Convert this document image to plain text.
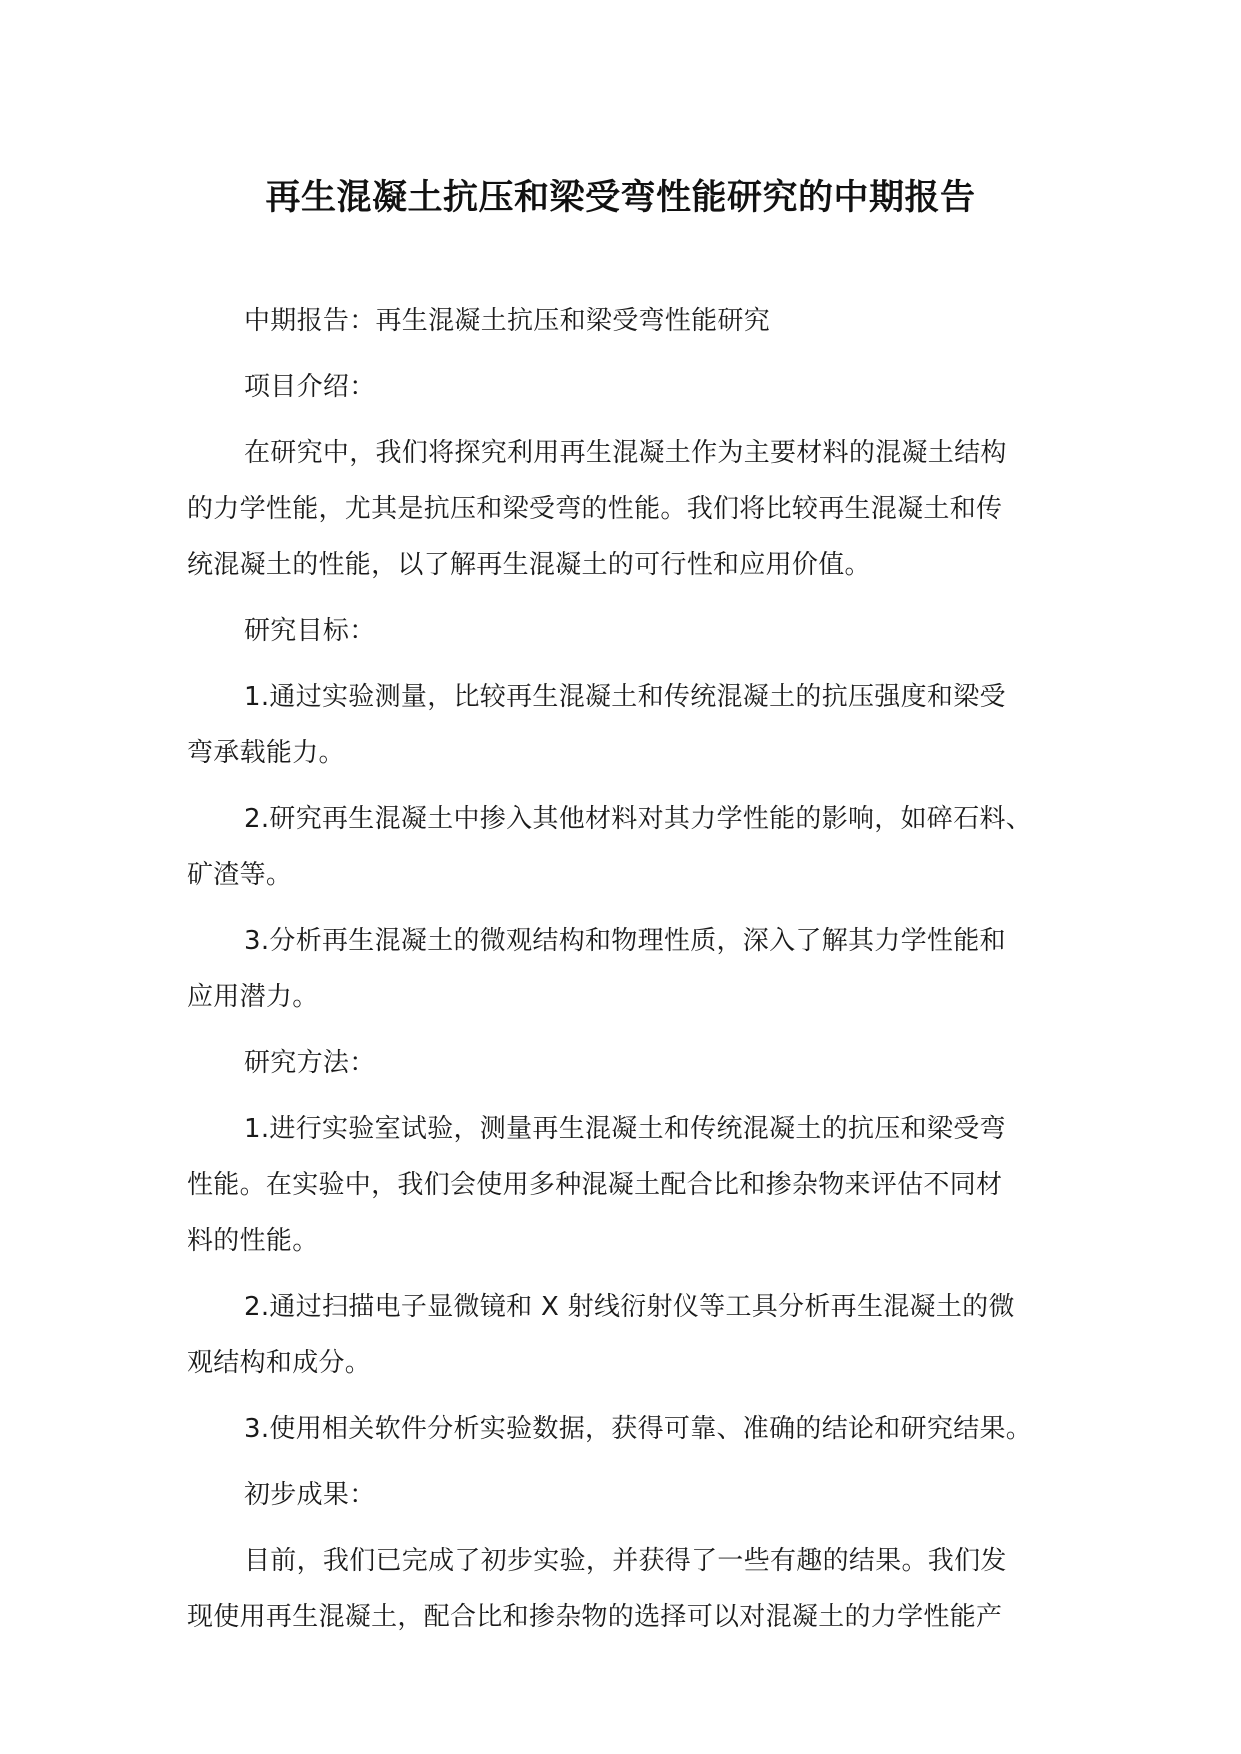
再生混凝土抗压和梁受弯性能研究的中期报告

中期报告：再生混凝土抗压和梁受弯性能研究

项目介绍：

在研究中，我们将探究利用再生混凝土作为主要材料的混凝土结构
的力学性能，尤其是抗压和梁受弯的性能。我们将比较再生混凝土和传
统混凝土的性能，以了解再生混凝土的可行性和应用价值。

研究目标：

1.通过实验测量，比较再生混凝土和传统混凝土的抗压强度和梁受
弯承载能力。

2.研究再生混凝土中掺入其他材料对其力学性能的影响，如碎石料、
矿渣等。

3.分析再生混凝土的微观结构和物理性质，深入了解其力学性能和
应用潜力。

研究方法：

1.进行实验室试验，测量再生混凝土和传统混凝土的抗压和梁受弯
性能。在实验中，我们会使用多种混凝土配合比和掺杂物来评估不同材
料的性能。

2.通过扫描电子显微镜和 X 射线衍射仪等工具分析再生混凝土的微
观结构和成分。

3.使用相关软件分析实验数据，获得可靠、准确的结论和研究结果。

初步成果：

目前，我们已完成了初步实验，并获得了一些有趣的结果。我们发
现使用再生混凝土，配合比和掺杂物的选择可以对混凝土的力学性能产
